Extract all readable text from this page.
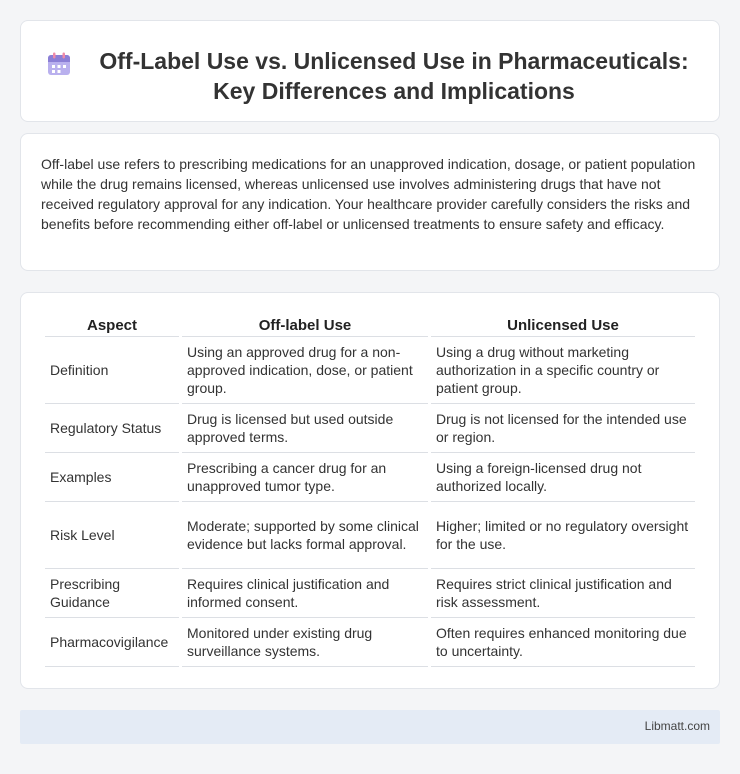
Off-Label Use vs. Unlicensed Use in Pharmaceuticals: Key Differences and Implications

Off-label use refers to prescribing medications for an unapproved indication, dosage, or patient population while the drug remains licensed, whereas unlicensed use involves administering drugs that have not received regulatory approval for any indication. Your healthcare provider carefully considers the risks and benefits before recommending either off-label or unlicensed treatments to ensure safety and efficacy.

Aspect	Off-label Use	Unlicensed Use
Definition	Using an approved drug for a non-approved indication, dose, or patient group.	Using a drug without marketing authorization in a specific country or patient group.
Regulatory Status	Drug is licensed but used outside approved terms.	Drug is not licensed for the intended use or region.
Examples	Prescribing a cancer drug for an unapproved tumor type.	Using a foreign-licensed drug not authorized locally.
Risk Level	Moderate; supported by some clinical evidence but lacks formal approval.	Higher; limited or no regulatory oversight for the use.
Prescribing Guidance	Requires clinical justification and informed consent.	Requires strict clinical justification and risk assessment.
Pharmacovigilance	Monitored under existing drug surveillance systems.	Often requires enhanced monitoring due to uncertainty.
Libmatt.com
